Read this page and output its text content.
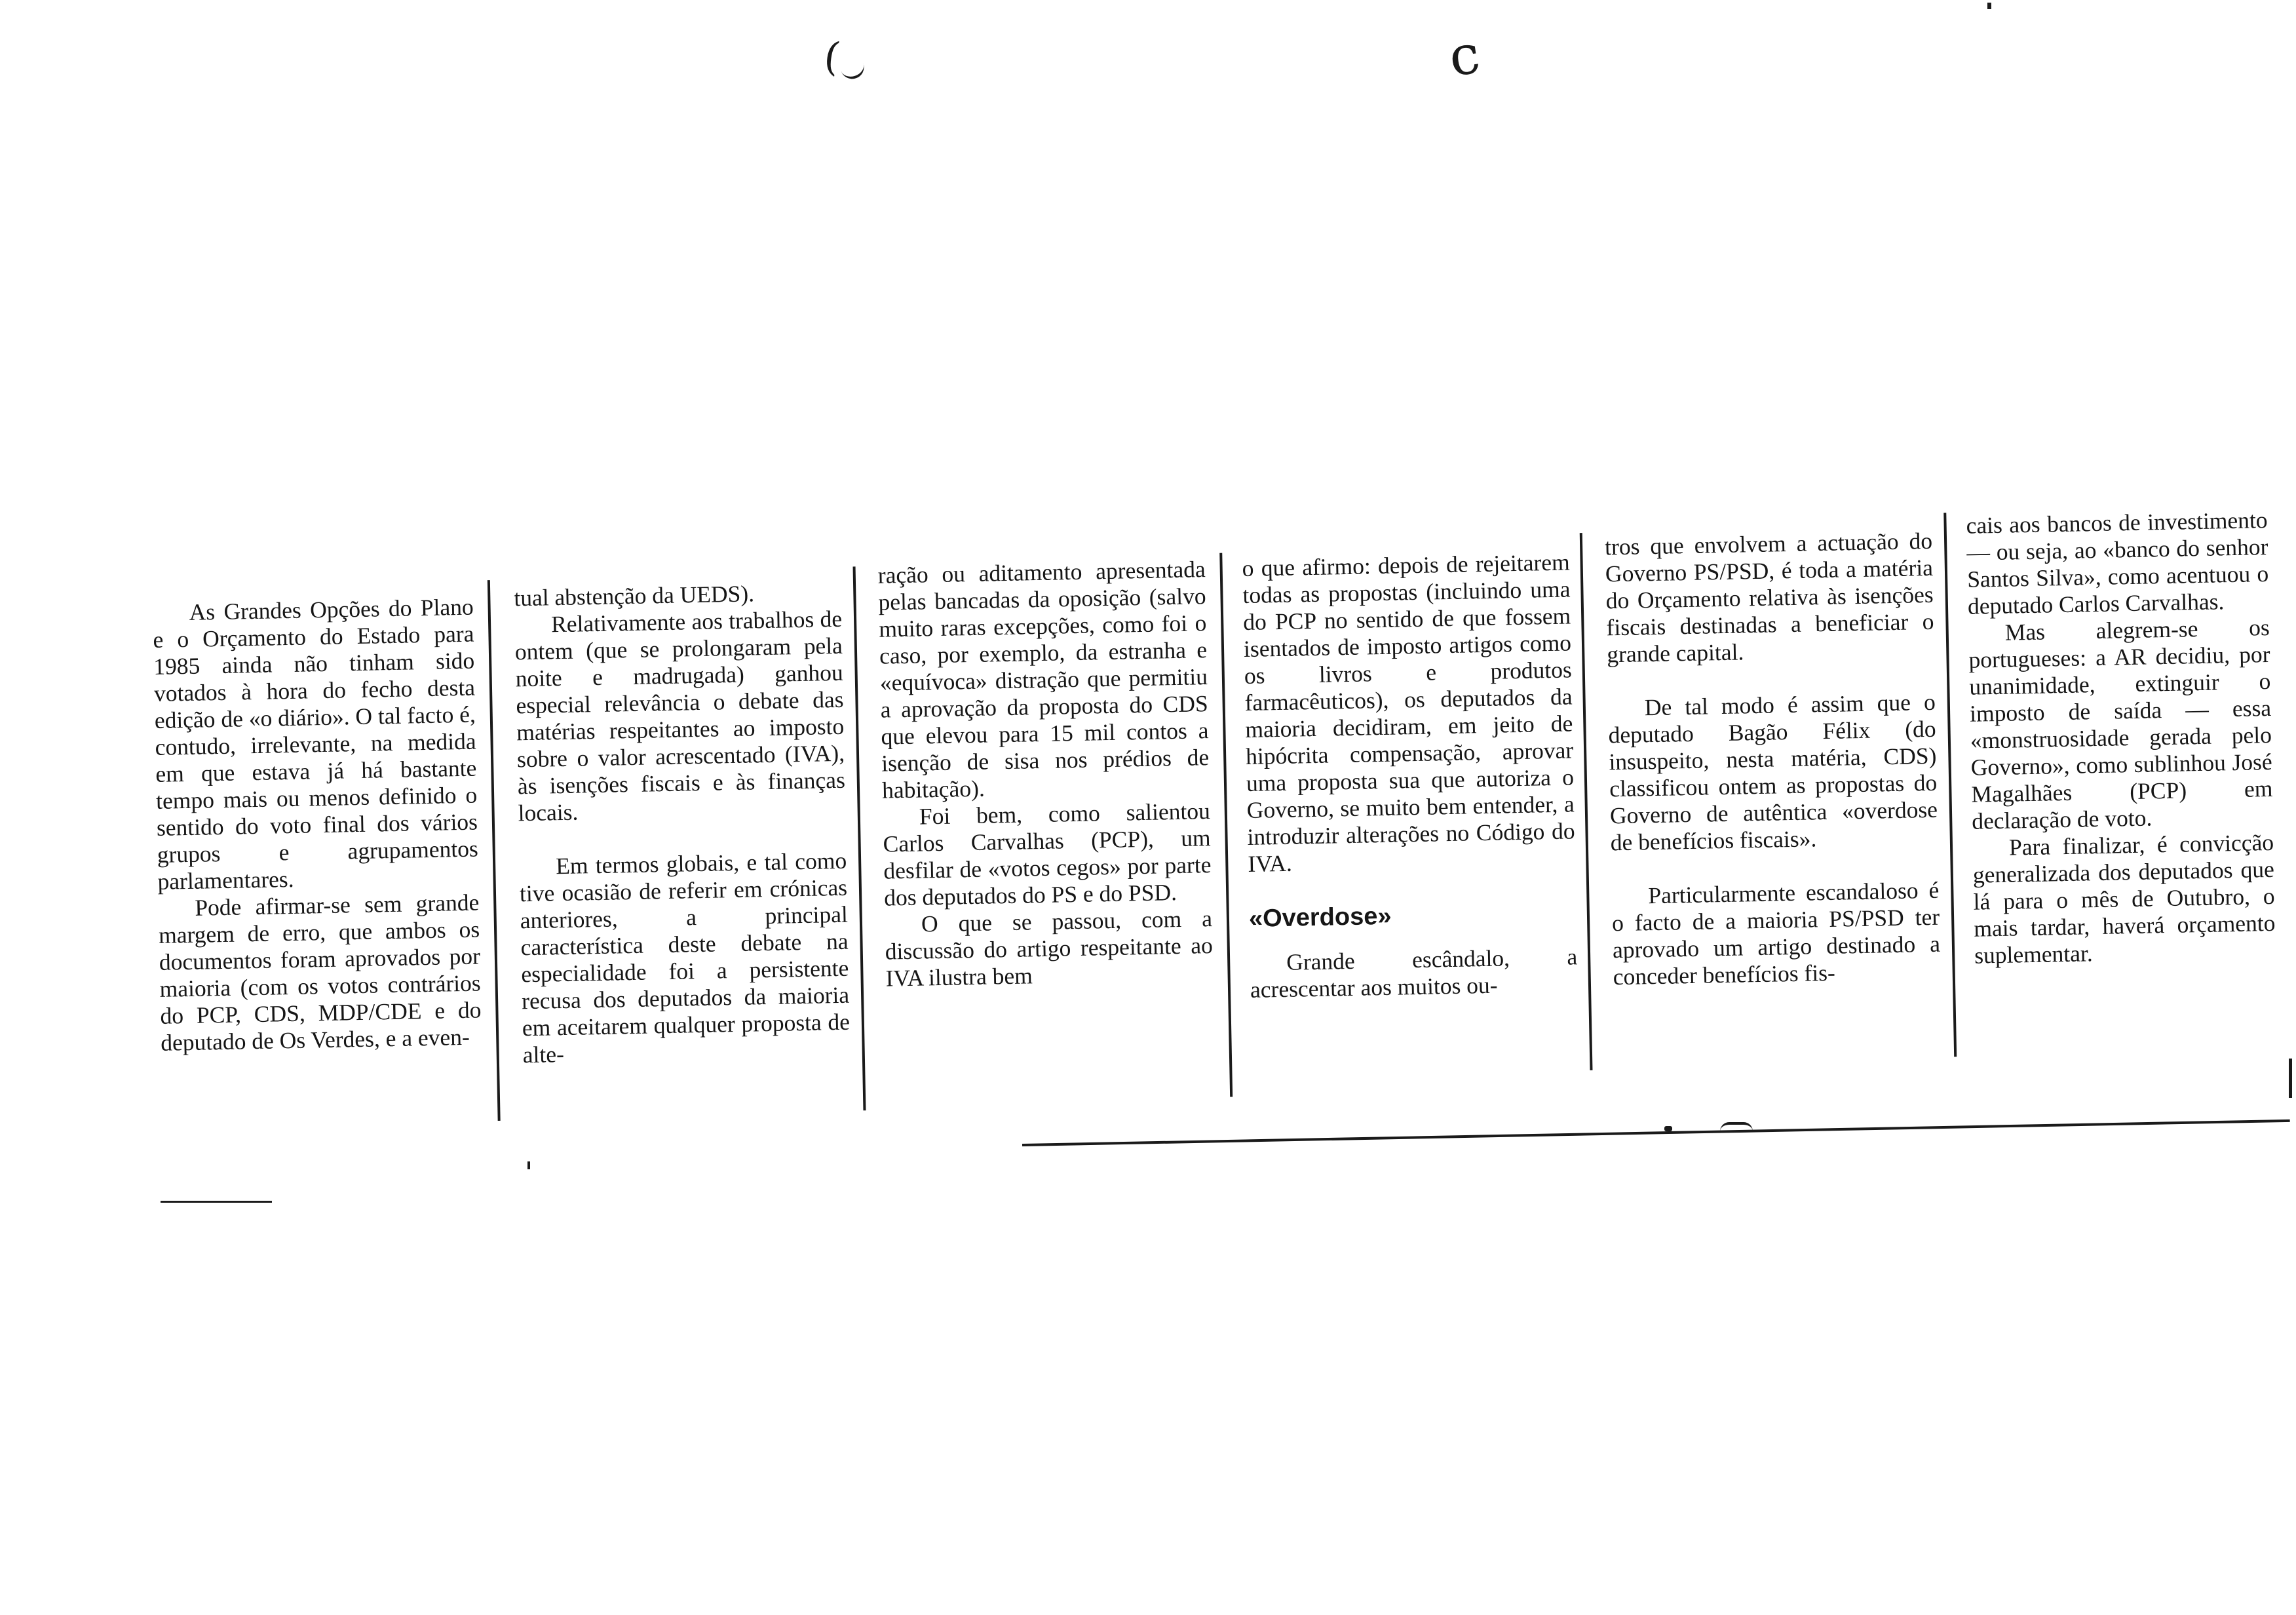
(	c

As Grandes Opções do Plano e o Orçamento do Estado para 1985 ainda não tinham sido votados à hora do fecho desta edição de «o diário». O tal facto é, contudo, irrelevante, na medida em que estava já há bastante tempo mais ou menos definido o sentido do voto final dos vários grupos e agrupamentos parlamentares.

Pode afirmar-se sem grande margem de erro, que ambos os documentos foram aprovados por maioria (com os votos contrários do PCP, CDS, MDP/CDE e do deputado de Os Verdes, e a even-

tual abstenção da UEDS).

Relativamente aos trabalhos de ontem (que se prolongaram pela noite e madrugada) ganhou especial relevância o debate das matérias respeitantes ao imposto sobre o valor acrescentado (IVA), às isenções fiscais e às finanças locais.

Em termos globais, e tal como tive ocasião de referir em crónicas anteriores, a principal característica deste debate na especialidade foi a persistente recusa dos deputados da maioria em aceitarem qualquer proposta de alte-

ração ou aditamento apresentada pelas bancadas da oposição (salvo muito raras excepções, como foi o caso, por exemplo, da estranha e «equívoca» distração que permitiu a aprovação da proposta do CDS que elevou para 15 mil contos a isenção de sisa nos prédios de habitação).

Foi bem, como salientou Carlos Carvalhas (PCP), um desfilar de «votos cegos» por parte dos deputados do PS e do PSD.

O que se passou, com a discussão do artigo respeitante ao IVA ilustra bem

o que afirmo: depois de rejeitarem todas as propostas (incluindo uma do PCP no sentido de que fossem isentados de imposto artigos como os livros e produtos farmacêuticos), os deputados da maioria decidiram, em jeito de hipócrita compensação, aprovar uma proposta sua que autoriza o Governo, se muito bem entender, a introduzir alterações no Código do IVA.

«Overdose»

Grande escândalo, a acrescentar aos muitos ou-

tros que envolvem a actuação do Governo PS/PSD, é toda a matéria do Orçamento relativa às isenções fiscais destinadas a beneficiar o grande capital.

De tal modo é assim que o deputado Bagão Félix (do insuspeito, nesta matéria, CDS) classificou ontem as propostas do Governo de autêntica «overdose de benefícios fiscais».

Particularmente escandaloso é o facto de a maioria PS/PSD ter aprovado um artigo destinado a conceder benefícios fis-

cais aos bancos de investimento — ou seja, ao «banco do senhor Santos Silva», como acentuou o deputado Carlos Carvalhas.

Mas alegrem-se os portugueses: a AR decidiu, por unanimidade, extinguir o imposto de saída — essa «monstruosidade gerada pelo Governo», como sublinhou José Magalhães (PCP) em declaração de voto.

Para finalizar, é convicção generalizada dos deputados que lá para o mês de Outubro, o mais tardar, haverá orçamento suplementar.
